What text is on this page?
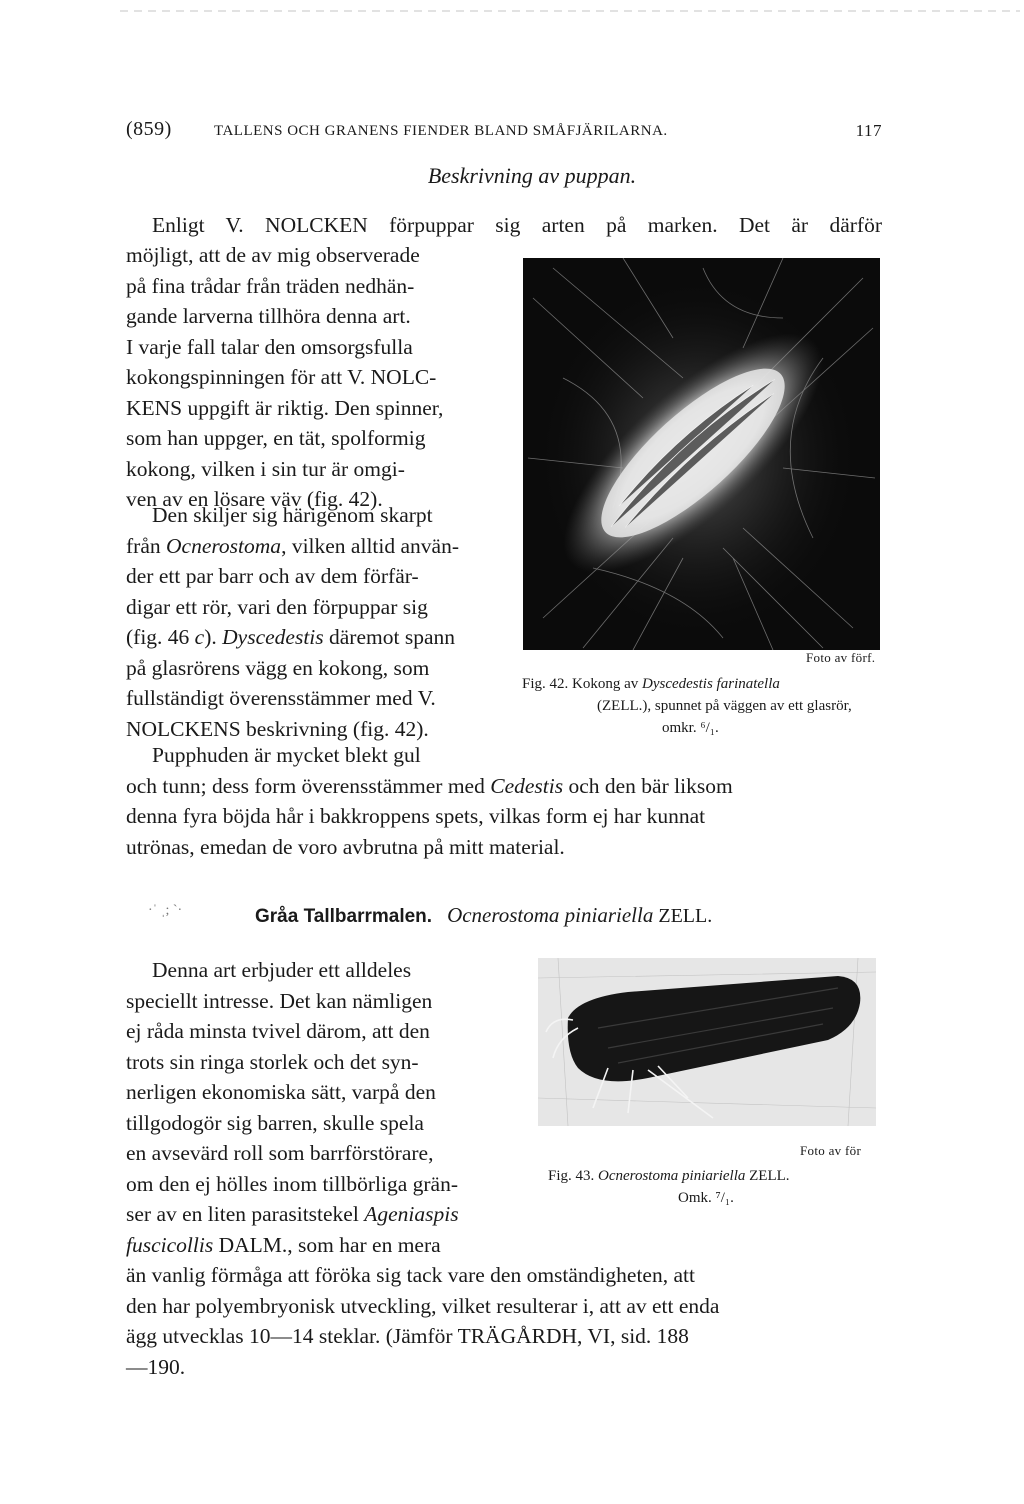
(859)	TALLENS OCH GRANENS FIENDER BLAND SMÅFJÄRILARNA.	117
Beskrivning av puppan.

Enligt V. NOLCKEN förpuppar sig arten på marken. Det är därför

möjligt, att de av mig observerade
på fina trådar från träden nedhän-
gande larverna tillhöra denna art.
I varje fall talar den omsorgsfulla
kokongspinningen för att V. NOLC-
KENS uppgift är riktig. Den spinner,
som han uppger, en tät, spolformig
kokong, vilken i sin tur är omgi-
ven av en lösare väv (fig. 42).

Den skiljer sig härigenom skarpt
från Ocnerostoma, vilken alltid använ-
der ett par barr och av dem förfär-
digar ett rör, vari den förpuppar sig
(fig. 46 c). Dyscedestis däremot spann
på glasrörens vägg en kokong, som
fullständigt överensstämmer med V.
NOLCKENS beskrivning (fig. 42).

Pupphuden är mycket blekt gul
och tunn; dess form överensstämmer med Cedestis och den bär liksom
denna fyra böjda hår i bakkroppens spets, vilkas form ej har kunnat
utrönas, emedan de voro avbrutna på mitt material.

Foto av förf.
Fig. 42. Kokong av Dyscedestis farinatella
(ZELL.), spunnet på väggen av ett glasrör,
omkr. ⁶/₁.
·ˈ ˌ; ˋ·	Gråa Tallbarrmalen. Ocnerostoma piniariella ZELL.

Denna art erbjuder ett alldeles
speciellt intresse. Det kan nämligen
ej råda minsta tvivel därom, att den
trots sin ringa storlek och det syn-
nerligen ekonomiska sätt, varpå den
tillgodogör sig barren, skulle spela
en avsevärd roll som barrförstörare,
om den ej hölles inom tillbörliga grän-
ser av en liten parasitstekel Ageniaspis
fuscicollis DALM., som har en mera

än vanlig förmåga att föröka sig tack vare den omständigheten, att
den har polyembryonisk utveckling, vilket resulterar i, att av ett enda
ägg utvecklas 10—14 steklar. (Jämför TRÄGÅRDH, VI, sid. 188
—190.

Foto av för
Fig. 43. Ocnerostoma piniariella ZELL.
Omk. ⁷/₁.
